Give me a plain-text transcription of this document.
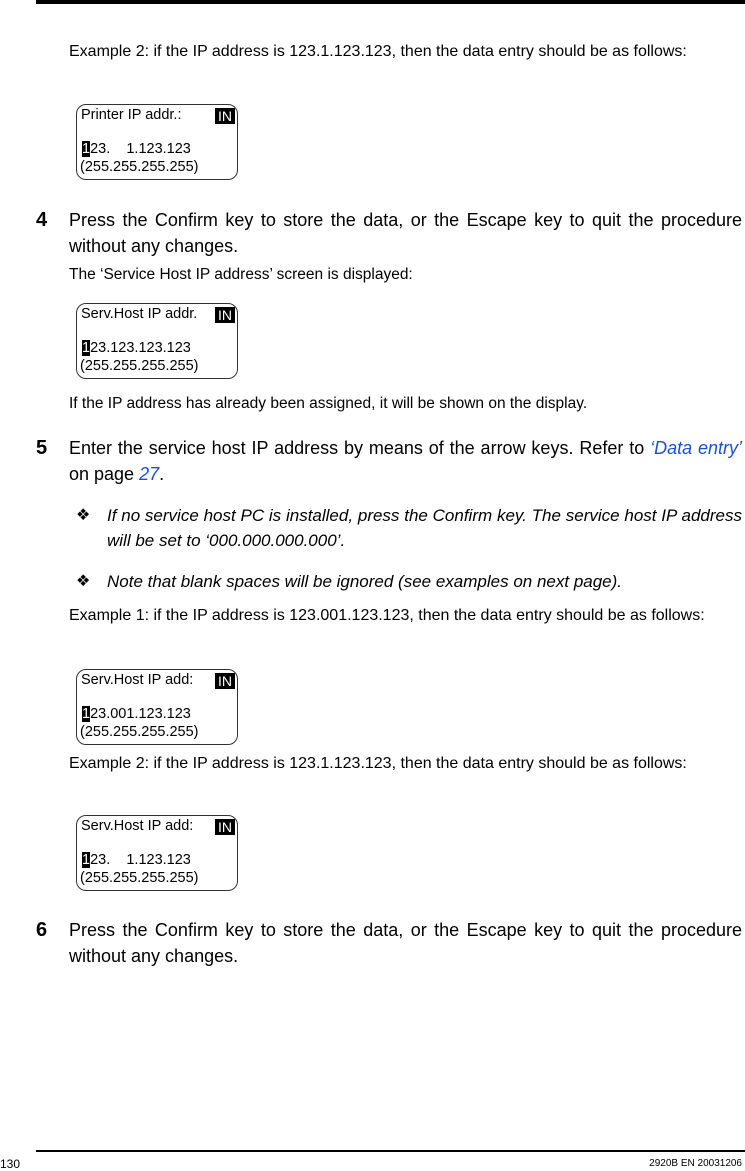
Example 2: if the IP address is 123.1.123.123, then the data entry should be as follows:
Printer IP addr.:	IN
123.    1.123.123
(255.255.255.255)
4 Press the Confirm key to store the data, or the Escape key to quit the procedure without any changes.
The ‘Service Host IP address’ screen is displayed:
Serv.Host IP addr. IN
123.123.123.123
(255.255.255.255)
If the IP address has already been assigned, it will be shown on the display.
5 Enter the service host IP address by means of the arrow keys. Refer to ‘Data entry’ on page 27.
❖ If no service host PC is installed, press the Confirm key. The service host IP address will be set to ‘000.000.000.000’.
❖ Note that blank spaces will be ignored (see examples on next page).
Example 1: if the IP address is 123.001.123.123, then the data entry should be as follows:
Serv.Host IP add: IN
123.001.123.123
(255.255.255.255)
Example 2: if the IP address is 123.1.123.123, then the data entry should be as follows:
Serv.Host IP add: IN
123.    1.123.123
(255.255.255.255)
6 Press the Confirm key to store the data, or the Escape key to quit the procedure without any changes.
130	2920B EN 20031206
